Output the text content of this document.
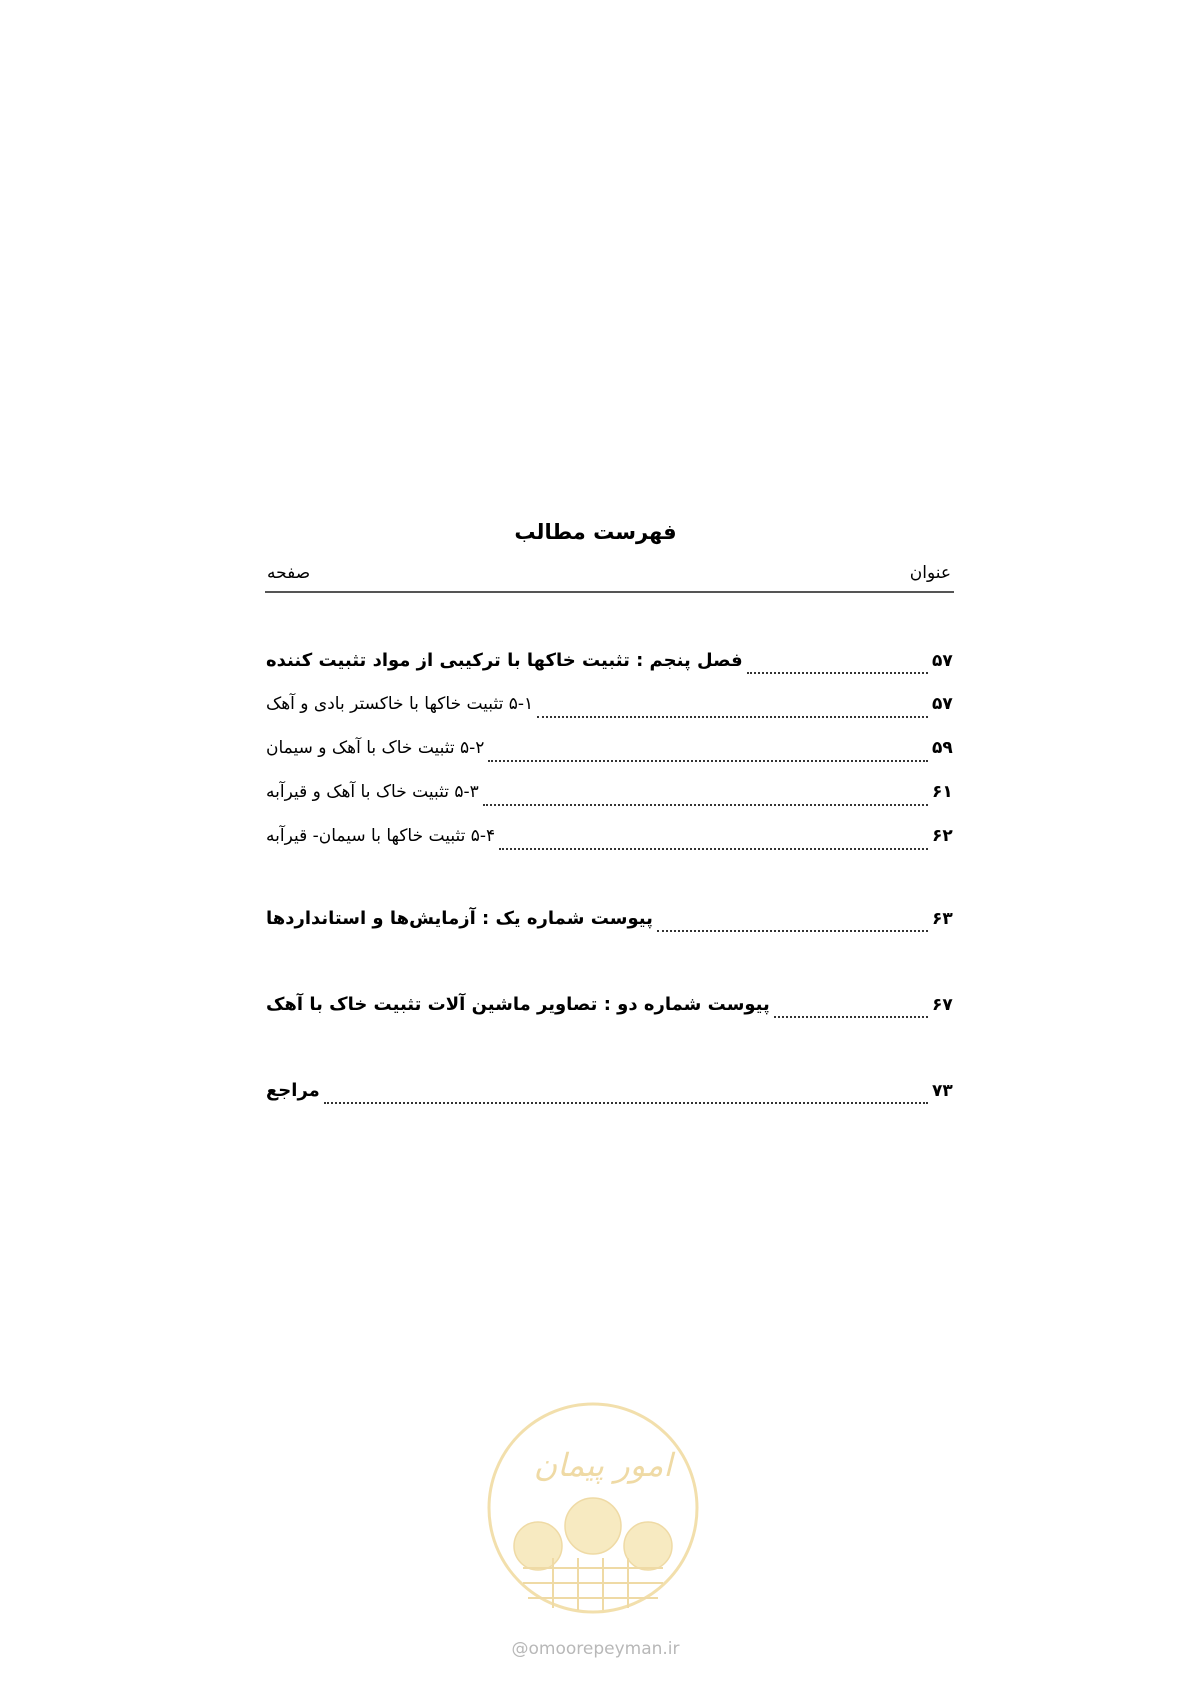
فهرست مطالب
عنوان
صفحه
فصل پنجم : تثبیت خاکها با ترکیبی از مواد تثبیت کننده	۵۷
۵-۱ تثبیت خاکها با خاکستر بادی و آهک	۵۷
۵-۲ تثبیت خاک با آهک و سیمان	۵۹
۵-۳ تثبیت خاک با آهک و قیرآبه	۶۱
۵-۴ تثبیت خاکها با سیمان- قیرآبه	۶۲
پیوست شماره یک : آزمایش‌ها و استانداردها	۶۳
پیوست شماره دو : تصاویر ماشین آلات تثبیت خاک با آهک	۶۷
مراجع	۷۳
امور پیمان
@omoorepeyman.ir
